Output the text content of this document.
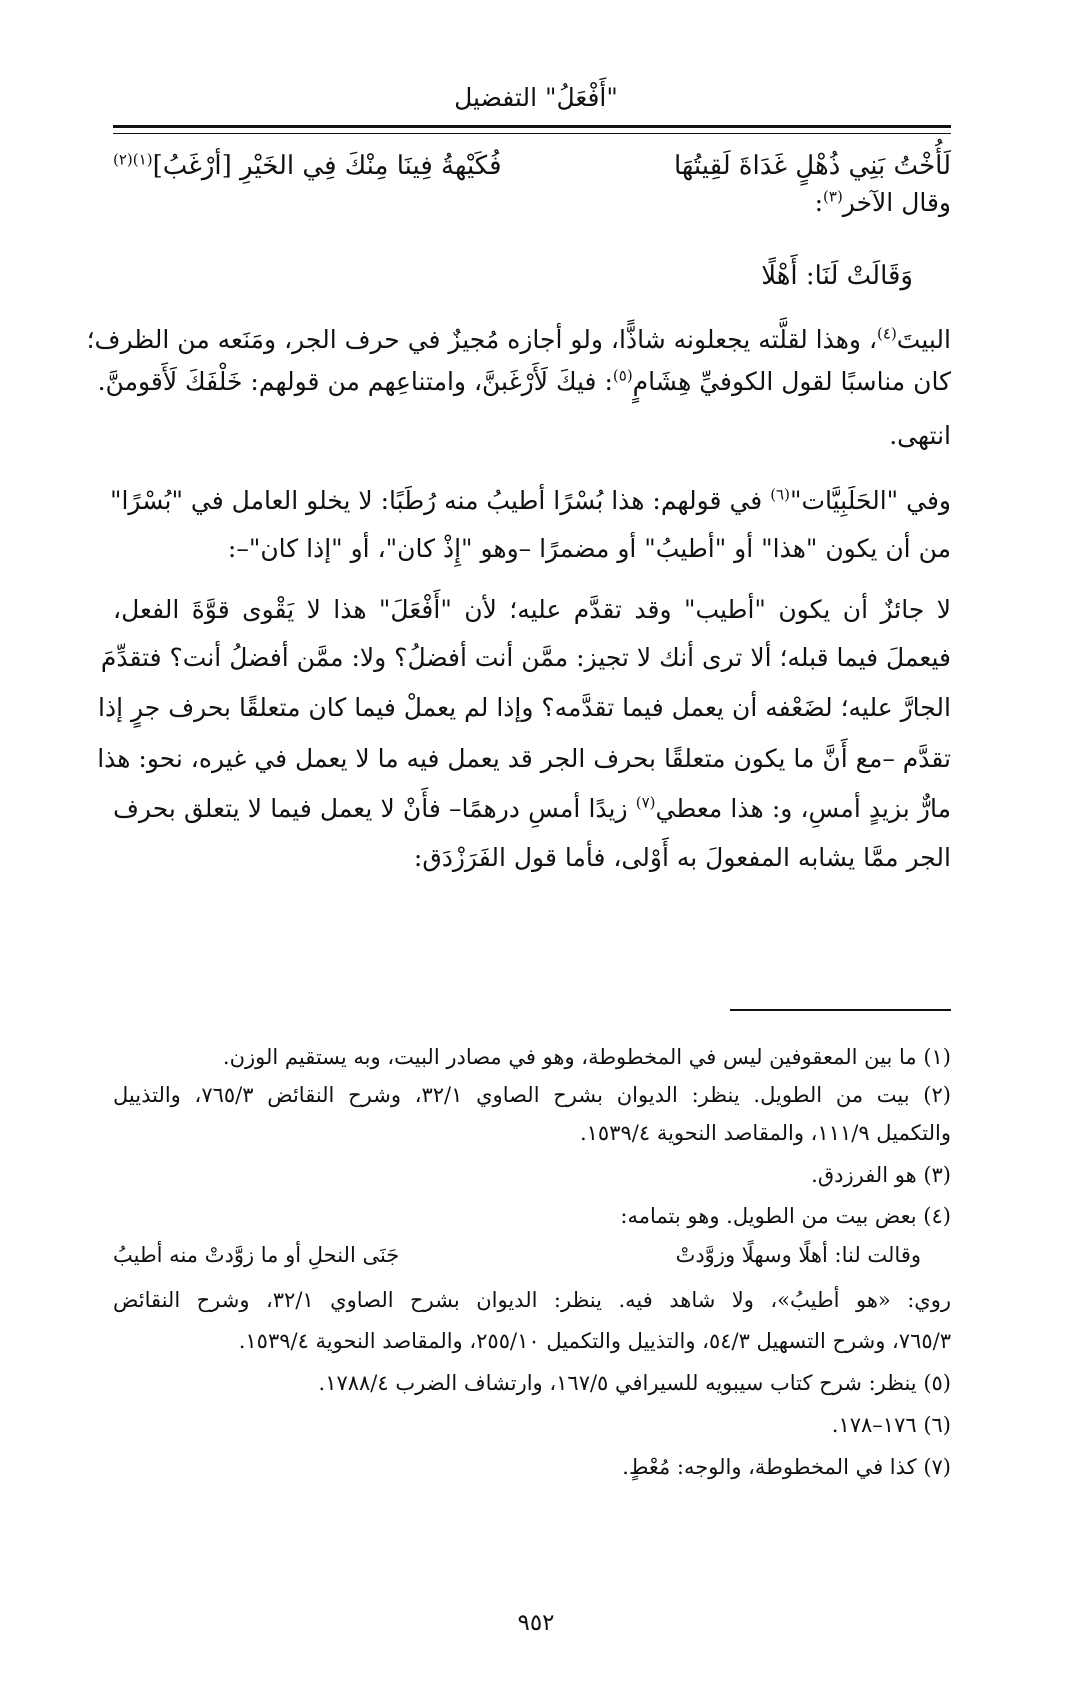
"أَفْعَلُ" التفضيل
لَأُخْتُ بَنِي ذُهْلٍ غَدَاةَ لَقِيتُهَا
فُكَيْهةُ فِينَا مِنْكَ فِي الخَيْرِ [أرْغَبُ]$^{(١)(٢)}$
وقال الآخر$^{(٣)}$:
وَقَالَتْ لَنَا: أَهْلًا
البيتَ$^{(٤)}$، وهذا لقلَّته يجعلونه شاذًّا، ولو أجازه مُجيزٌ في حرف الجر، ومَنَعه من الظرف؛
كان مناسبًا لقول الكوفيِّ هِشَامٍ$^{(٥)}$: فيكَ لَأَرْغَبنَّ، وامتناعِهم من قولهم: خَلْفَكَ لَأَقومنَّ.
انتهى.
وفي "الحَلَبِيَّات"$^{(٦)}$ في قولهم: هذا بُسْرًا أطيبُ منه رُطَبًا: لا يخلو العامل في "بُسْرًا"
من أن يكون "هذا" أو "أطيبُ" أو مضمرًا –وهو "إِذْ كان"، أو "إذا كان"–:
لا جائزٌ أن يكون "أطيب" وقد تقدَّم عليه؛ لأن "أَفْعَلَ" هذا لا يَقْوى قوَّةَ الفعل،
فيعملَ فيما قبله؛ ألا ترى أنك لا تجيز: ممَّن أنت أفضلُ؟ ولا: ممَّن أفضلُ أنت؟ فتقدِّمَ
الجارَّ عليه؛ لضَعْفه أن يعمل فيما تقدَّمه؟ وإذا لم يعملْ فيما كان متعلقًا بحرف جرٍ إذا
تقدَّم –مع أَنَّ ما يكون متعلقًا بحرف الجر قد يعمل فيه ما لا يعمل في غيره، نحو: هذا
مارٌّ بزيدٍ أمسِ، و: هذا معطي$^{(٧)}$ زيدًا أمسِ درهمًا– فأَنْ لا يعمل فيما لا يتعلق بحرف
الجر ممَّا يشابه المفعولَ به أَوْلى، فأما قول الفَرَزْدَق:
(١) ما بين المعقوفين ليس في المخطوطة، وهو في مصادر البيت، وبه يستقيم الوزن.
(٢) بيت من الطويل. ينظر: الديوان بشرح الصاوي ٣٢/١، وشرح النقائض ٧٦٥/٣، والتذييل
والتكميل ١١١/٩، والمقاصد النحوية ١٥٣٩/٤.
(٣) هو الفرزدق.
(٤) بعض بيت من الطويل. وهو بتمامه:
وقالت لنا: أهلًا وسهلًا وزوَّدتْ
جَنَى النحلِ أو ما زوَّدتْ منه أطيبُ
روي: «هو أطيبُ»، ولا شاهد فيه. ينظر: الديوان بشرح الصاوي ٣٢/١، وشرح النقائض
٧٦٥/٣، وشرح التسهيل ٥٤/٣، والتذييل والتكميل ٢٥٥/١٠، والمقاصد النحوية ١٥٣٩/٤.
(٥) ينظر: شرح كتاب سيبويه للسيرافي ١٦٧/٥، وارتشاف الضرب ١٧٨٨/٤.
(٦) ١٧٦–١٧٨.
(٧) كذا في المخطوطة، والوجه: مُعْطٍ.
٩٥٢
